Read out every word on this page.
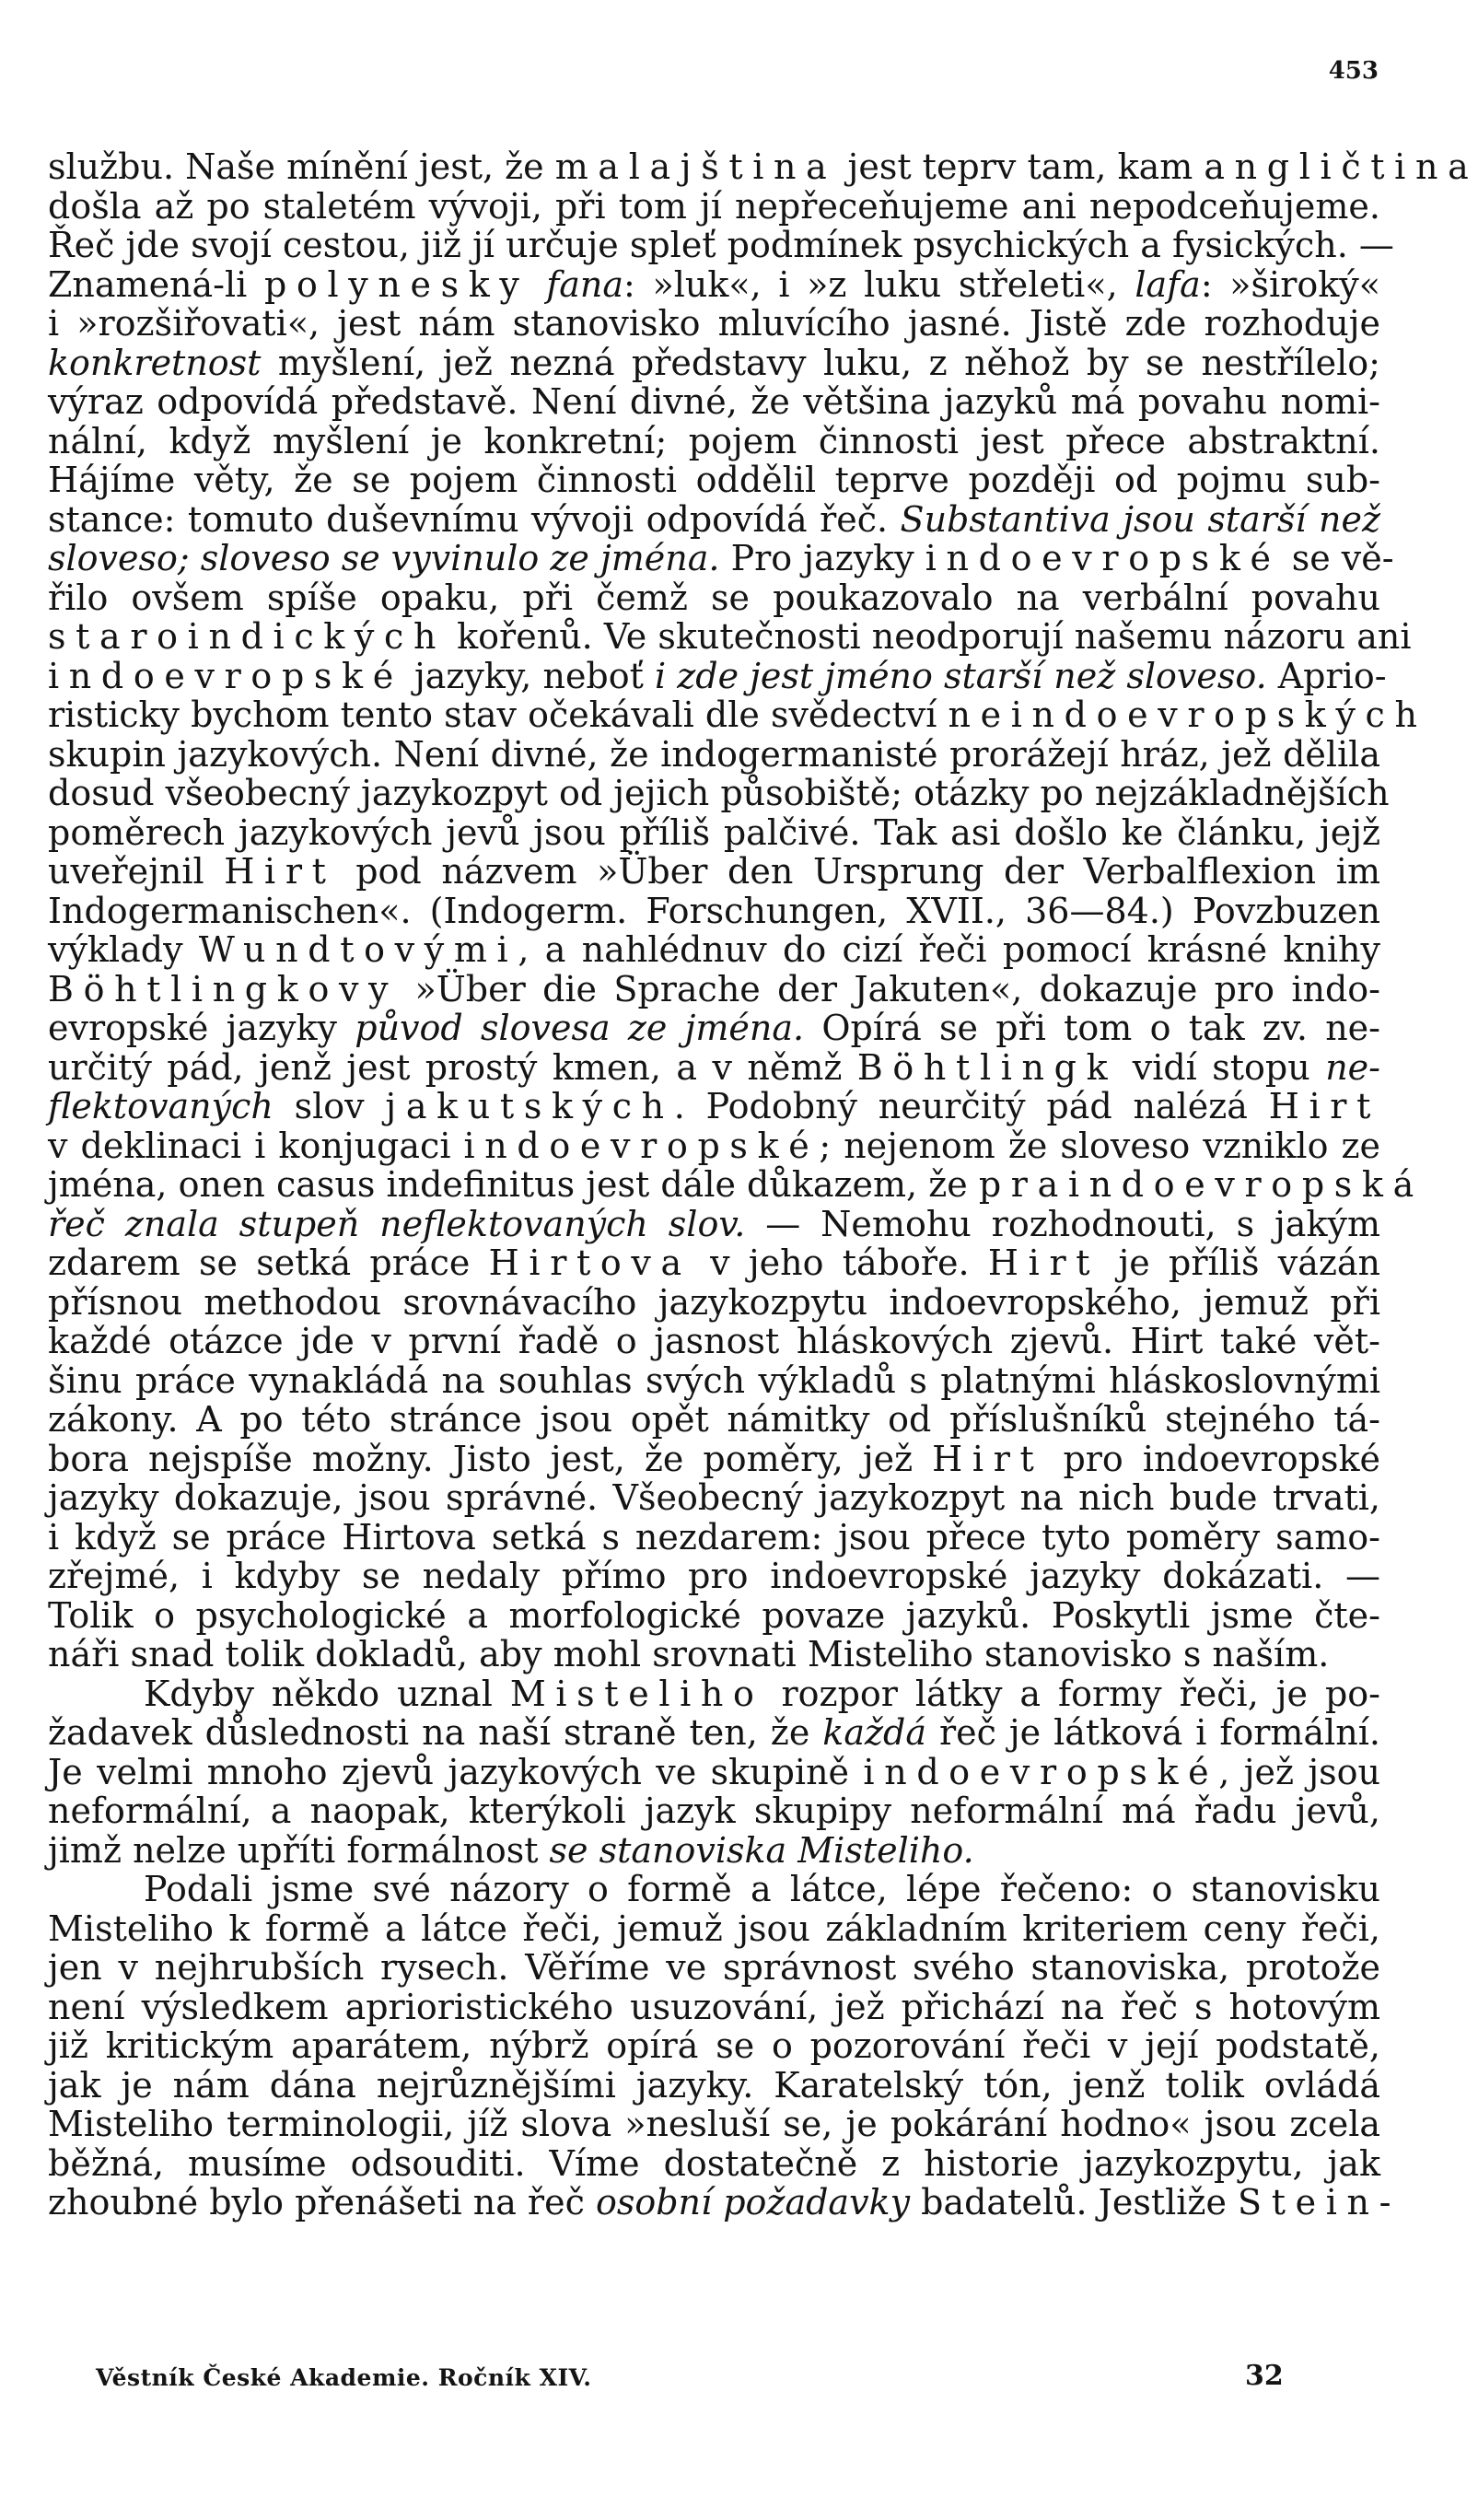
453
službu. Naše mínění jest, že malajština jest teprv tam, kam angličtina
došla až po staletém vývoji, při tom jí nepřeceňujeme ani nepodceňujeme.
Řeč jde svojí cestou, již jí určuje spleť podmínek psychických a fysických. —
Znamená-li polynesky fana: »luk«, i »z luku střeleti«, lafa: »široký«
i »rozšiřovati«, jest nám stanovisko mluvícího jasné. Jistě zde rozhoduje
konkretnost myšlení, jež nezná představy luku, z něhož by se nestřílelo;
výraz odpovídá představě. Není divné, že většina jazyků má povahu nomi-
nální, když myšlení je konkretní; pojem činnosti jest přece abstraktní.
Hájíme věty, že se pojem činnosti oddělil teprve později od pojmu sub-
stance: tomuto duševnímu vývoji odpovídá řeč. Substantiva jsou starší než
sloveso; sloveso se vyvinulo ze jména. Pro jazyky indoevropské se vě-
řilo ovšem spíše opaku, při čemž se poukazovalo na verbální povahu
staroindických kořenů. Ve skutečnosti neodporují našemu názoru ani
indoevropské jazyky, neboť i zde jest jméno starší než sloveso. Aprio-
risticky bychom tento stav očekávali dle svědectví neindoevropských
skupin jazykových. Není divné, že indogermanisté prorážejí hráz, jež dělila
dosud všeobecný jazykozpyt od jejich působiště; otázky po nejzákladnějších
poměrech jazykových jevů jsou příliš palčivé. Tak asi došlo ke článku, jejž
uveřejnil Hirt pod názvem »Über den Ursprung der Verbalflexion im
Indogermanischen«. (Indogerm. Forschungen, XVII., 36—84.) Povzbuzen
výklady Wundtovými, a nahlédnuv do cizí řeči pomocí krásné knihy
Böhtlingkovy »Über die Sprache der Jakuten«, dokazuje pro indo-
evropské jazyky původ slovesa ze jména. Opírá se při tom o tak zv. ne-
určitý pád, jenž jest prostý kmen, a v němž Böhtlingk vidí stopu ne-
flektovaných slov jakutských. Podobný neurčitý pád nalézá Hirt
v deklinaci i konjugaci indoevropské; nejenom že sloveso vzniklo ze
jména, onen casus indefinitus jest dále důkazem, že praindoevropská
řeč znala stupeň neflektovaných slov. — Nemohu rozhodnouti, s jakým
zdarem se setká práce Hirtova v jeho táboře. Hirt je příliš vázán
přísnou methodou srovnávacího jazykozpytu indoevropského, jemuž při
každé otázce jde v první řadě o jasnost hláskových zjevů. Hirt také vět-
šinu práce vynakládá na souhlas svých výkladů s platnými hláskoslovnými
zákony. A po této stránce jsou opět námitky od příslušníků stejného tá-
bora nejspíše možny. Jisto jest, že poměry, jež Hirt pro indoevropské
jazyky dokazuje, jsou správné. Všeobecný jazykozpyt na nich bude trvati,
i když se práce Hirtova setká s nezdarem: jsou přece tyto poměry samo-
zřejmé, i kdyby se nedaly přímo pro indoevropské jazyky dokázati. —
Tolik o psychologické a morfologické povaze jazyků. Poskytli jsme čte-
náři snad tolik dokladů, aby mohl srovnati Misteliho stanovisko s naším.
Kdyby někdo uznal Misteliho rozpor látky a formy řeči, je po-
žadavek důslednosti na naší straně ten, že každá řeč je látková i formální.
Je velmi mnoho zjevů jazykových ve skupině indoevropské, jež jsou
neformální, a naopak, kterýkoli jazyk skupipy neformální má řadu jevů,
jimž nelze upříti formálnost se stanoviska Misteliho.
Podali jsme své názory o formě a látce, lépe řečeno: o stanovisku
Misteliho k formě a látce řeči, jemuž jsou základním kriteriem ceny řeči,
jen v nejhrubších rysech. Věříme ve správnost svého stanoviska, protože
není výsledkem aprioristického usuzování, jež přichází na řeč s hotovým
již kritickým aparátem, nýbrž opírá se o pozorování řeči v její podstatě,
jak je nám dána nejrůznějšími jazyky. Karatelský tón, jenž tolik ovládá
Misteliho terminologii, jíž slova »nesluší se, je pokárání hodno« jsou zcela
běžná, musíme odsouditi. Víme dostatečně z historie jazykozpytu, jak
zhoubné bylo přenášeti na řeč osobní požadavky badatelů. Jestliže Stein-
Věstník České Akademie. Ročník XIV.	32
